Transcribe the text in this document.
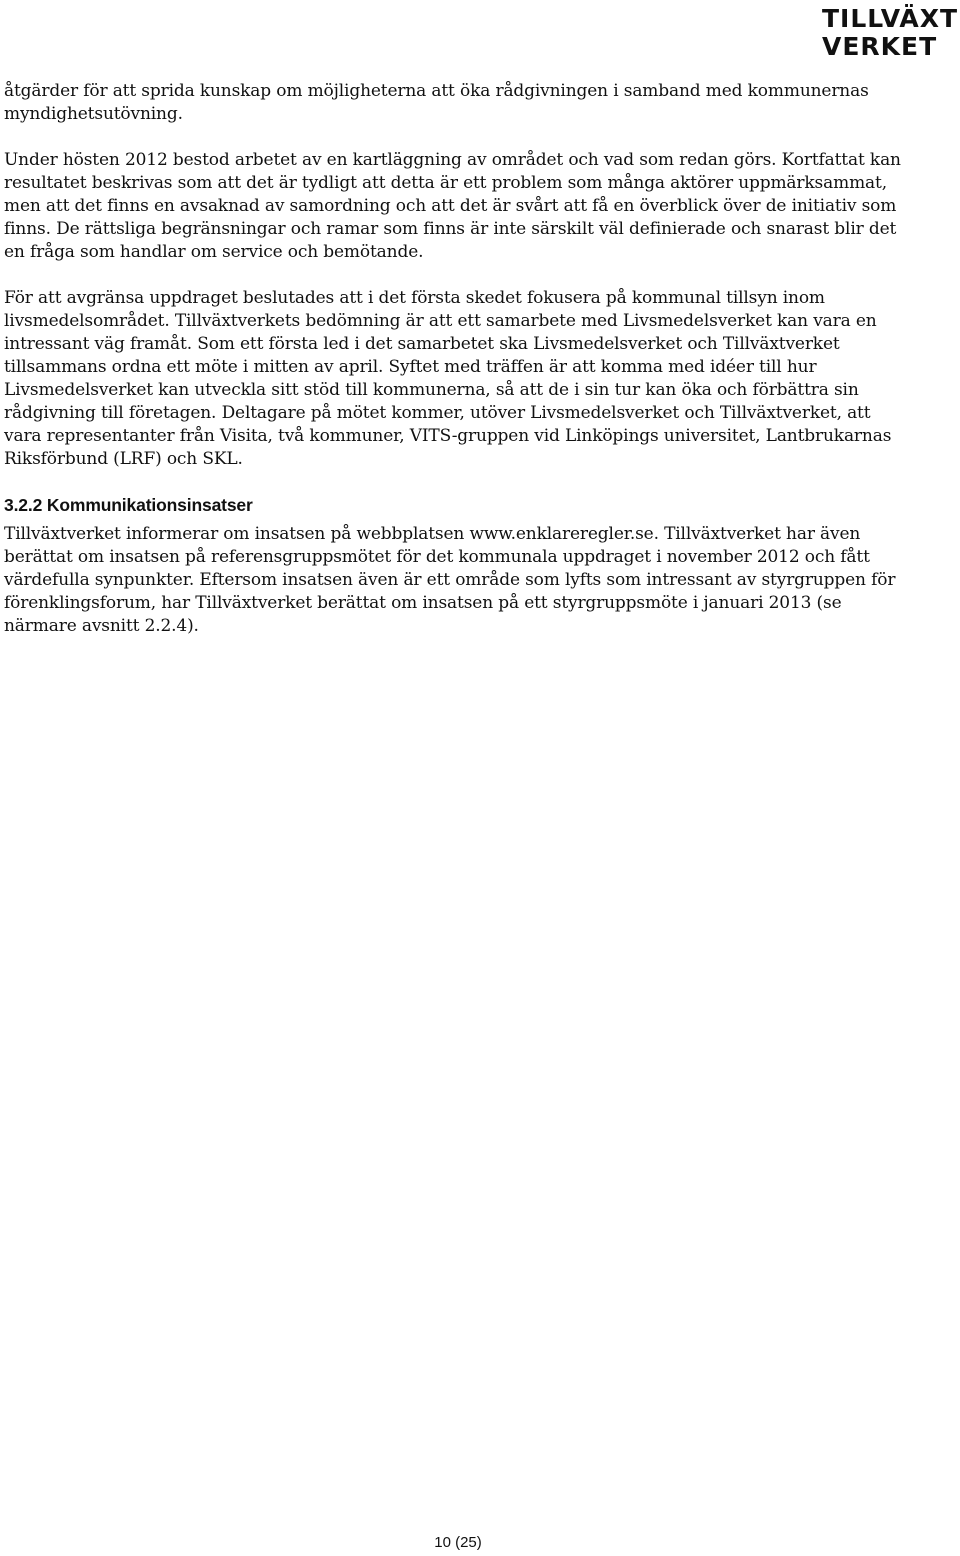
TILLVÄXT
VERKET

åtgärder för att sprida kunskap om möjligheterna att öka rådgivningen i samband med kommunernas myndighetsutövning.

Under hösten 2012 bestod arbetet av en kartläggning av området och vad som redan görs. Kortfattat kan resultatet beskrivas som att det är tydligt att detta är ett problem som många aktörer uppmärksammat, men att det finns en avsaknad av samordning och att det är svårt att få en överblick över de initiativ som finns. De rättsliga begränsningar och ramar som finns är inte särskilt väl definierade och snarast blir det en fråga som handlar om service och bemötande.

För att avgränsa uppdraget beslutades att i det första skedet fokusera på kommunal tillsyn inom livsmedelsområdet. Tillväxtverkets bedömning är att ett samarbete med Livsmedelsverket kan vara en intressant väg framåt. Som ett första led i det samarbetet ska Livsmedelsverket och Tillväxtverket tillsammans ordna ett möte i mitten av april. Syftet med träffen är att komma med idéer till hur Livsmedelsverket kan utveckla sitt stöd till kommunerna, så att de i sin tur kan öka och förbättra sin rådgivning till företagen. Deltagare på mötet kommer, utöver Livsmedelsverket och Tillväxtverket, att vara representanter från Visita, två kommuner, VITS-gruppen vid Linköpings universitet, Lantbrukarnas Riksförbund (LRF) och SKL.

3.2.2 Kommunikationsinsatser

Tillväxtverket informerar om insatsen på webbplatsen www.enklareregler.se. Tillväxtverket har även berättat om insatsen på referensgruppsmötet för det kommunala uppdraget i november 2012 och fått värdefulla synpunkter. Eftersom insatsen även är ett område som lyfts som intressant av styrgruppen för förenklingsforum, har Tillväxtverket berättat om insatsen på ett styrgruppsmöte i januari 2013 (se närmare avsnitt 2.2.4).

10 (25)
